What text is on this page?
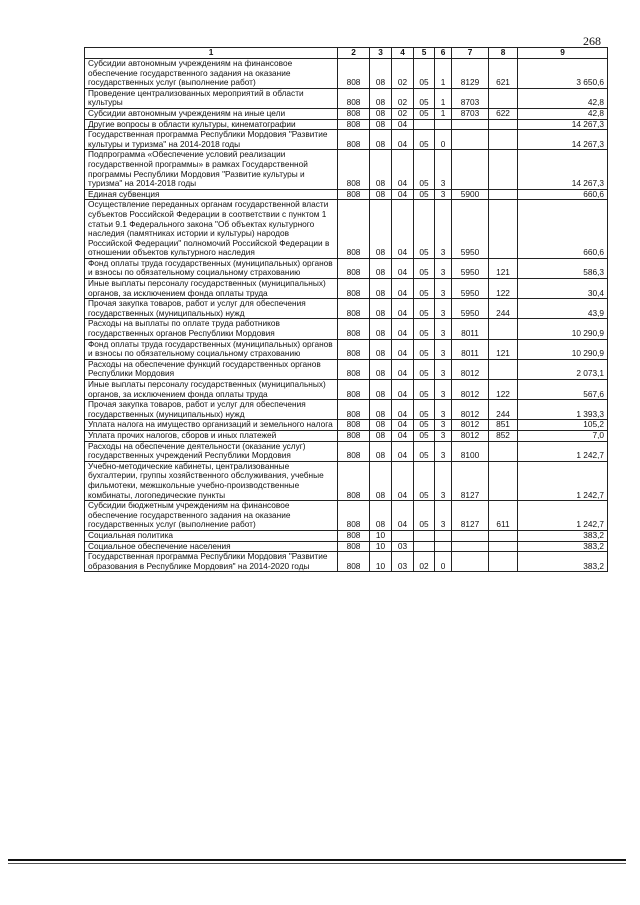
268
1	2	3	4	5	6	7	8	9
Субсидии автономным учреждениям на финансовое обеспечение государственного задания на оказание государственных услуг (выполнение работ)	808	08	02	05	1	8129	621	3 650,6
Проведение централизованных мероприятий в области культуры	808	08	02	05	1	8703		42,8
Субсидии автономным учреждениям на иные цели	808	08	02	05	1	8703	622	42,8
Другие вопросы в области культуры, кинематографии	808	08	04					14 267,3
Государственная программа Республики Мордовия "Развитие культуры и туризма" на 2014-2018 годы	808	08	04	05	0			14 267,3
Подпрограмма «Обеспечение условий реализации государственной программы» в рамках Государственной программы Республики Мордовия "Развитие культуры и туризма" на 2014-2018 годы	808	08	04	05	3			14 267,3
Единая субвенция	808	08	04	05	3	5900		660,6
Осуществление переданных органам государственной власти субъектов Российской Федерации в соответствии с пунктом 1 статьи 9.1 Федерального закона "Об объектах культурного наследия (памятниках истории и культуры) народов Российской Федерации" полномочий Российской Федерации в отношении объектов культурного наследия	808	08	04	05	3	5950		660,6
Фонд оплаты труда государственных (муниципальных) органов и взносы по обязательному социальному страхованию	808	08	04	05	3	5950	121	586,3
Иные выплаты персоналу государственных (муниципальных) органов, за исключением фонда оплаты труда	808	08	04	05	3	5950	122	30,4
Прочая закупка товаров, работ и услуг для обеспечения государственных (муниципальных) нужд	808	08	04	05	3	5950	244	43,9
Расходы на выплаты по оплате труда работников государственных органов Республики Мордовия	808	08	04	05	3	8011		10 290,9
Фонд оплаты труда государственных (муниципальных) органов и взносы по обязательному социальному страхованию	808	08	04	05	3	8011	121	10 290,9
Расходы на обеспечение функций государственных органов Республики Мордовия	808	08	04	05	3	8012		2 073,1
Иные выплаты персоналу государственных (муниципальных) органов, за исключением фонда оплаты труда	808	08	04	05	3	8012	122	567,6
Прочая закупка товаров, работ и услуг для обеспечения государственных (муниципальных) нужд	808	08	04	05	3	8012	244	1 393,3
Уплата налога на имущество организаций и земельного налога	808	08	04	05	3	8012	851	105,2
Уплата прочих налогов, сборов и иных платежей	808	08	04	05	3	8012	852	7,0
Расходы на обеспечение деятельности (оказание услуг) государственных учреждений Республики Мордовия	808	08	04	05	3	8100		1 242,7
Учебно-методические кабинеты, централизованные бухгалтерии, группы хозяйственного обслуживания, учебные фильмотеки, межшкольные учебно-производственные комбинаты, логопедические пункты	808	08	04	05	3	8127		1 242,7
Субсидии бюджетным учреждениям на финансовое обеспечение государственного задания на оказание государственных услуг (выполнение работ)	808	08	04	05	3	8127	611	1 242,7
Социальная политика	808	10						383,2
Социальное обеспечение населения	808	10	03					383,2
Государственная программа Республики Мордовия "Развитие образования в Республике Мордовия" на 2014-2020 годы	808	10	03	02	0			383,2
